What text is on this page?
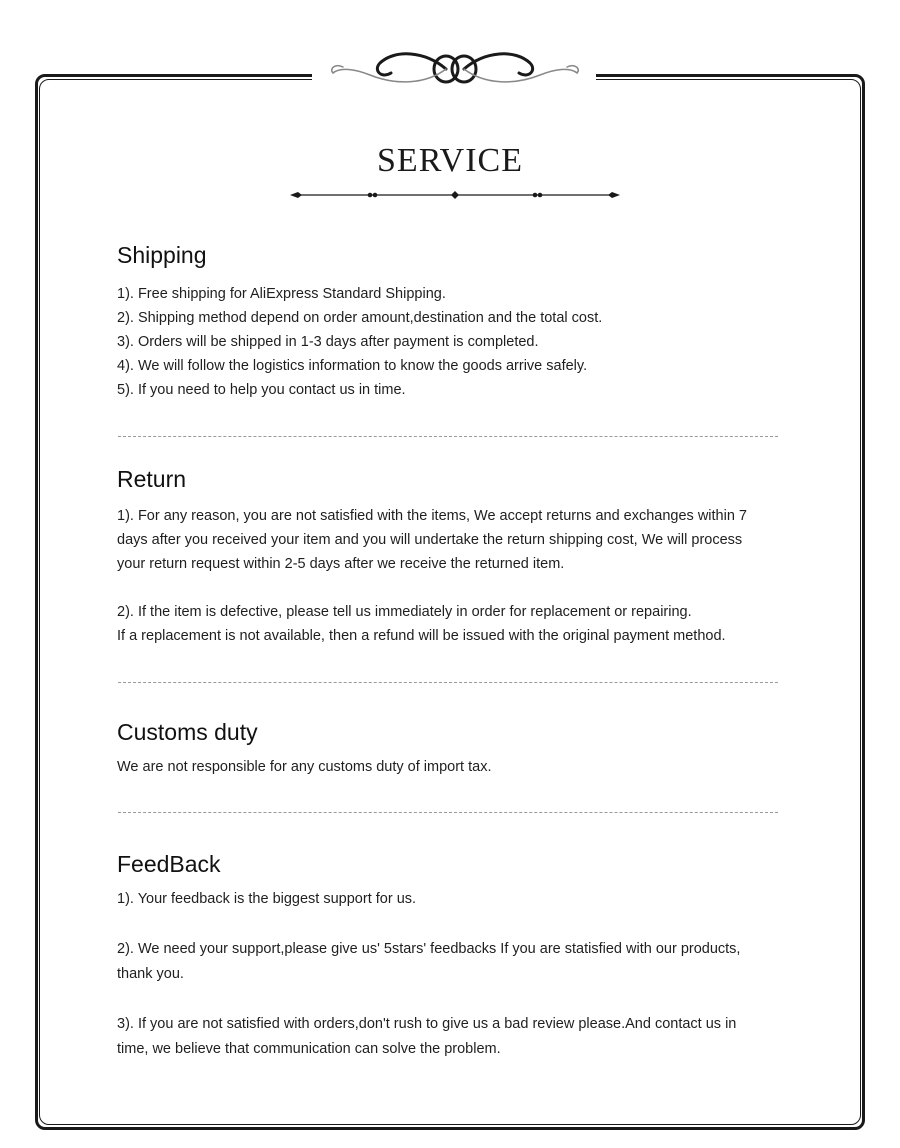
SERVICE
Shipping

1). Free shipping for AliExpress Standard Shipping.

2). Shipping method depend on order amount,destination and the total cost.

3). Orders will be shipped in 1-3 days after payment is completed.

4). We will follow the logistics information to know the goods arrive safely.

5). If you need to help you contact us in time.

Return

1). For any reason, you are not satisfied with the items, We accept returns and exchanges within 7

days after you received your item and you will undertake the return shipping cost, We will process

your return request within 2-5 days after we receive the returned item.

2). If the item is defective, please tell us immediately in order for replacement or repairing.

If a replacement is not available, then a refund will be issued with the original payment method.

Customs duty

We are not responsible for any customs duty of import tax.

FeedBack

1). Your feedback is the biggest support for us.

2). We need your support,please give us' 5stars' feedbacks If you are statisfied with our products,

thank you.

3). If you are not satisfied with orders,don't rush to give us a bad review please.And contact us in

time, we believe that communication can solve the problem.
